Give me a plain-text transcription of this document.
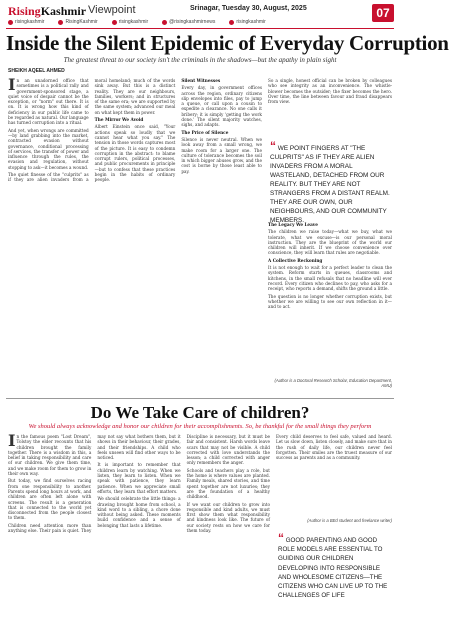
RisingKashmir Viewpoint	Srinagar, Tuesday 30, August, 2025	07
risingkashmir	RisingKashmir	risingkashmir	@risingkashmirnews	risingkashmir
Inside the Silent Epidemic of Everyday Corruption
The greatest threat to our society isn't the criminals in the shadows—but the apathy in plain sight
SHEIKH AQEEL AHMED

In an unadorned office that sometimes is a political rally and government-sponsored stage, a quiet voice of despair cannot be the exception, or "norm" out there. It is on. It is wrong how this kind of deficiency in our public life came to be regarded as natural. Our language has turned corruption into a ritual.

And yet, when wrongs are committed—by land grabbing into the market, contracted evasion without governance, conditional processing of services, the transfer of power and influence through the rules, the evasion and regulation, without stopping to ask—it becomes a wound.

The quiet finesse of the "culprits" as if they are alien invaders from a moral homeland; much of the words sink away. But this is a distinct reality. They are our neighbours, families, workers; and in structures of the same era; we are supported by the same system; advanced our meal on what kept them in power.

The Mirror We Avoid

Albert Einstein once said, "Your actions speak so loudly that we cannot hear what you say." The tension in those words captures most of the picture. It is easy to condemn corruption in the abstract: to blame corrupt rulers, political processes, and public procurements in principle—but to confess that these practices begin in the habits of ordinary people.

Silent Witnesses

Every day, in government offices across the region, ordinary citizens slip envelopes into files, pay to jump a queue, or call upon a cousin to expedite a clearance. No one calls it bribery; it is simply 'getting the work done.' The silent majority watches, sighs, and adapts.

The Price of Silence

Silence is never neutral. When we look away from a small wrong, we make room for a larger one. The culture of tolerance becomes the soil in which bigger abuses grow, and the cost is borne by those least able to pay.

So a single, honest official can be broken by colleagues who see integrity as an inconvenience. The whistle-blower becomes the outsider; the fixer becomes the hero. Over time, the line between favour and fraud disappears from view.

“ WE POINT FINGERS AT "THE CULPRITS" AS IF THEY ARE ALIEN INVADERS FROM A MORAL WASTELAND, DETACHED FROM OUR REALITY. BUT THEY ARE NOT STRANGERS FROM A DISTANT REALM. THEY ARE OUR OWN, OUR NEIGHBOURS, AND OUR COMMUNITY MEMBERS.

The Legacy We Leave

The children we raise today—what we buy, what we tolerate, what we excuse—is our personal moral instruction. They are the blueprint of the world our children will inherit. If we choose convenience over conscience, they will learn that rules are negotiable.

A Collective Reckoning

It is not enough to wait for a perfect leader to clean the system. Reform starts in queues, classrooms and kitchens, in the small refusals that no headline will ever record. Every citizen who declines to pay, who asks for a receipt, who reports a demand, shifts the ground a little.

The question is no longer whether corruption exists, but whether we are willing to see our own reflection in it—and to act.

(Author is a Doctoral Research Scholar, Education Department, AMU)
Do We Take Care of children?
We should always acknowledge and honor our children for their accomplishments. So, be thankful for the small things they perform

In the famous poem "Lost Dream", Tolstoy the elder recounts that his children brought the family together. There is a wisdom in this, a belief in taking responsibility and care of our children. We give them time, and we make room for them to grow in their own way.

But today, we find ourselves racing from one responsibility to another. Parents spend long hours at work, and children are often left alone with screens. The result is a generation that is connected to the world yet disconnected from the people closest to them.

Children need attention more than anything else. Their pain is quiet. They may not say what bothers them, but it shows in their behaviour, their grades, and their friendships. A child who feels unseen will find other ways to be noticed.

It is important to remember that children learn by watching. When we listen, they learn to listen. When we speak with patience, they learn patience. When we appreciate small efforts, they learn that effort matters.

We should celebrate the little things: a drawing brought home from school, a kind word to a sibling, a chore done without being asked. These moments build confidence and a sense of belonging that lasts a lifetime.

Discipline is necessary, but it must be fair and consistent. Harsh words leave scars that may not be visible. A child corrected with love understands the lesson; a child corrected with anger only remembers the anger.

Schools and teachers play a role, but the home is where values are planted. Family meals, shared stories, and time spent together are not luxuries; they are the foundation of a healthy childhood.

If we want our children to grow into responsible and kind adults, we must first show them what responsibility and kindness look like. The future of our society rests on how we care for them today.

Every child deserves to feel safe, valued and heard. Let us slow down, listen closely, and make sure that in the rush of daily life, our children never feel forgotten. Their smiles are the truest measure of our success as parents and as a community.

(Author is a BEd student and freelance writer)
“ GOOD PARENTING AND GOOD ROLE MODELS ARE ESSENTIAL TO GUIDING OUR CHILDREN DEVELOPING INTO RESPONSIBLE AND WHOLESOME CITIZENS—THE CITIZENS WHO CAN LIVE UP TO THE CHALLENGES OF LIFE
